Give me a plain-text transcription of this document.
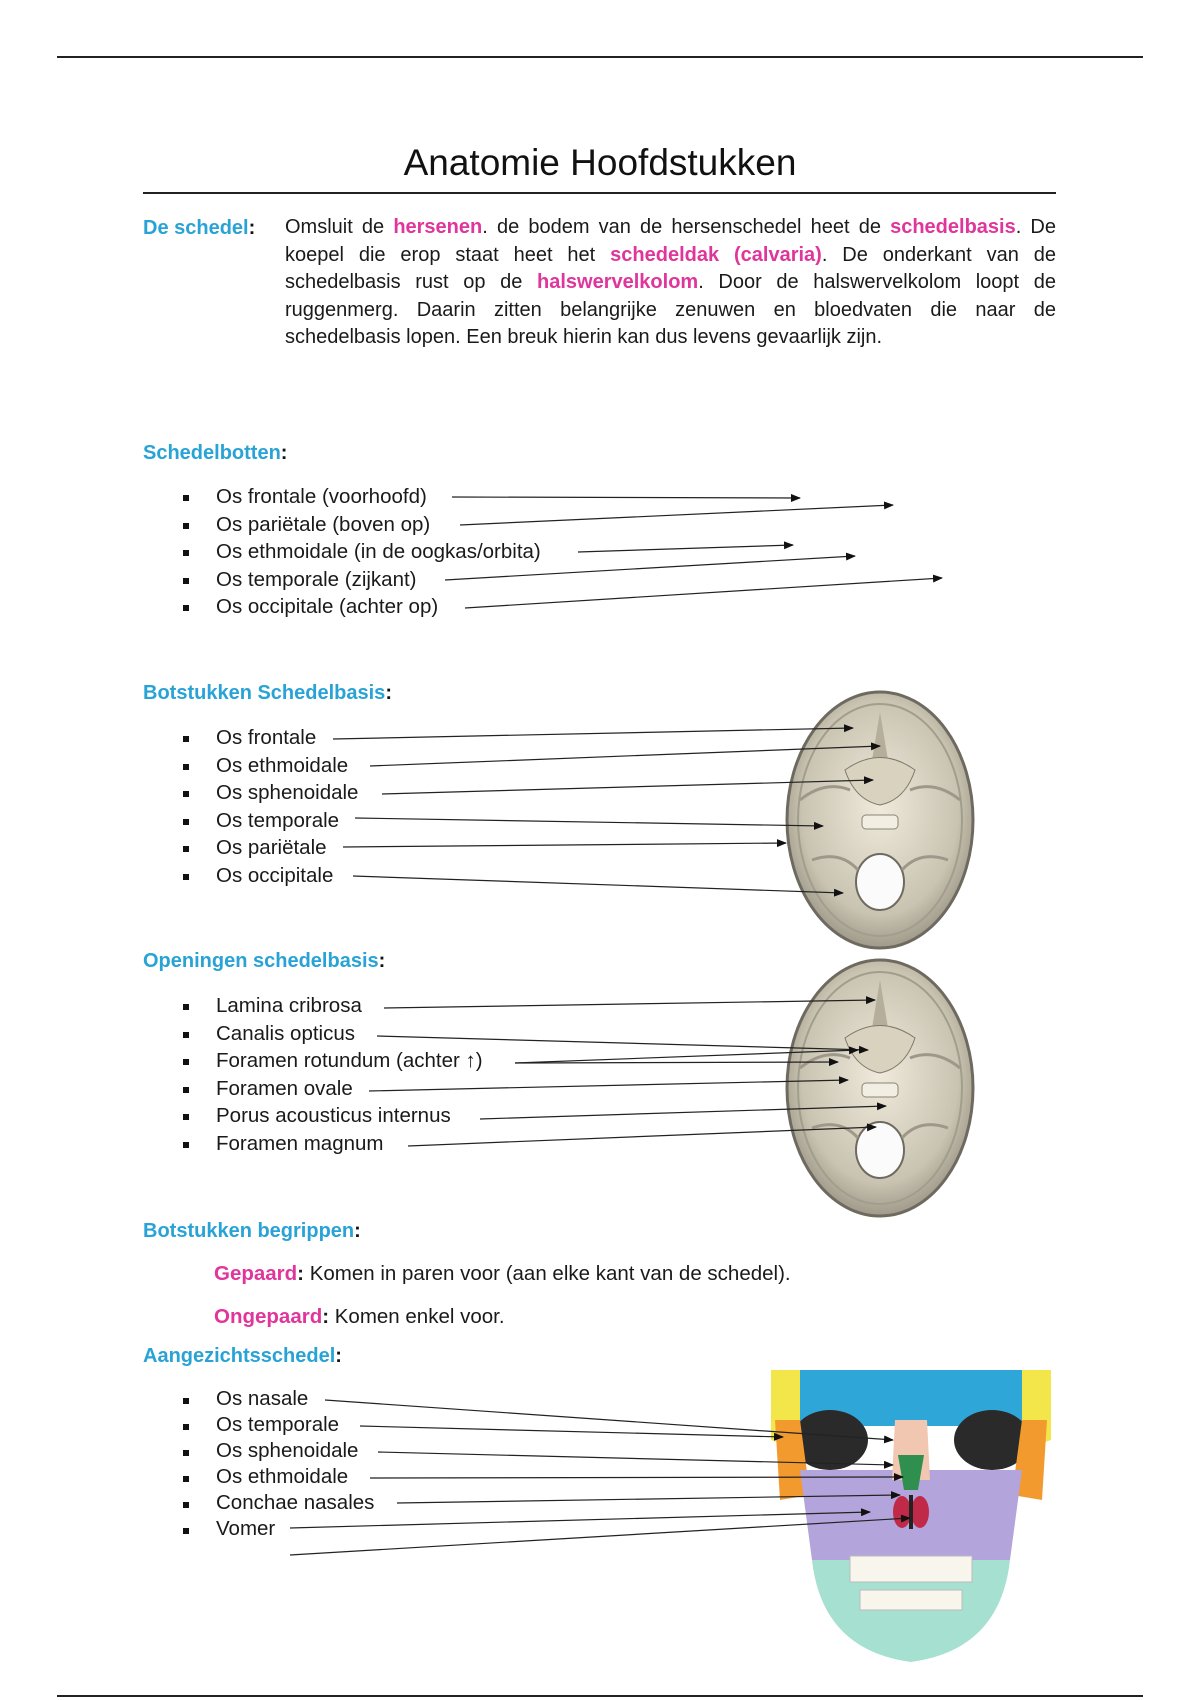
Anatomie Hoofdstukken
De schedel: Omsluit de hersenen. de bodem van de hersenschedel heet de schedelbasis. De koepel die erop staat heet het schedeldak (calvaria). De onderkant van de schedelbasis rust op de halswervelkolom. Door de halswervelkolom loopt de ruggenmerg. Daarin zitten belangrijke zenuwen en bloedvaten die naar de schedelbasis lopen. Een breuk hierin kan dus levens gevaarlijk zijn.
Schedelbotten:
Os frontale (voorhoofd)
Os pariëtale (boven op)
Os ethmoidale (in de oogkas/orbita)
Os temporale (zijkant)
Os occipitale (achter op)
Botstukken Schedelbasis:
Os frontale
Os ethmoidale
Os sphenoidale
Os temporale
Os pariëtale
Os occipitale
Openingen schedelbasis:
Lamina cribrosa
Canalis opticus
Foramen rotundum (achter ↑)
Foramen ovale
Porus acousticus internus
Foramen magnum
Botstukken begrippen:
Gepaard: Komen in paren voor (aan elke kant van de schedel).
Ongepaard: Komen enkel voor.
Aangezichtsschedel:
Os nasale
Os temporale
Os sphenoidale
Os ethmoidale
Conchae nasales
Vomer
